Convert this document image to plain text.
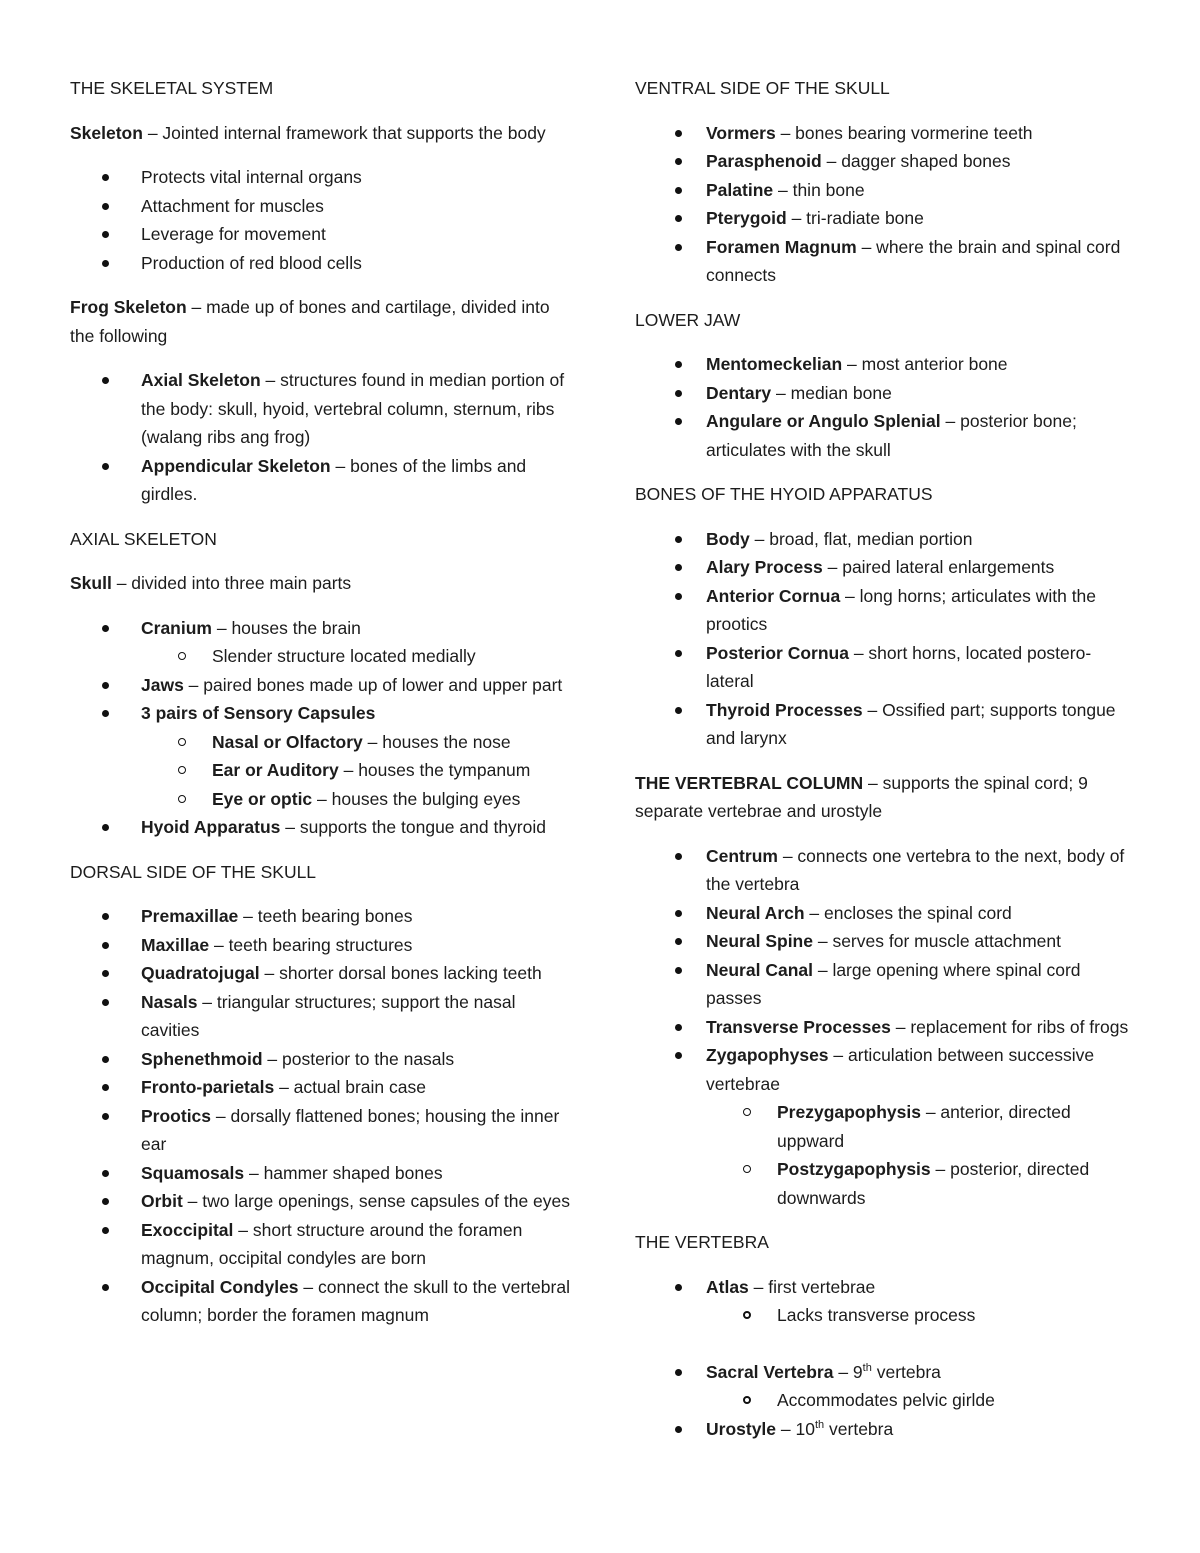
THE SKELETAL SYSTEM
Skeleton – Jointed internal framework that supports the body
Protects vital internal organs
Attachment for muscles
Leverage for movement
Production of red blood cells
Frog Skeleton – made up of bones and cartilage, divided into the following
Axial Skeleton – structures found in median portion of the body: skull, hyoid, vertebral column, sternum, ribs (walang ribs ang frog)
Appendicular Skeleton – bones of the limbs and girdles.
AXIAL SKELETON
Skull – divided into three main parts
Cranium – houses the brain
Slender structure located medially
Jaws – paired bones made up of lower and upper part
3 pairs of Sensory Capsules
Nasal or Olfactory – houses the nose
Ear or Auditory – houses the tympanum
Eye or optic – houses the bulging eyes
Hyoid Apparatus – supports the tongue and thyroid
DORSAL SIDE OF THE SKULL
Premaxillae – teeth bearing bones
Maxillae – teeth bearing structures
Quadratojugal – shorter dorsal bones lacking teeth
Nasals – triangular structures; support the nasal cavities
Sphenethmoid – posterior to the nasals
Fronto-parietals – actual brain case
Prootics – dorsally flattened bones; housing the inner ear
Squamosals – hammer shaped bones
Orbit – two large openings, sense capsules of the eyes
Exoccipital – short structure around the foramen magnum, occipital condyles are born
Occipital Condyles – connect the skull to the vertebral column; border the foramen magnum
VENTRAL SIDE OF THE SKULL
Vormers – bones bearing vormerine teeth
Parasphenoid – dagger shaped bones
Palatine – thin bone
Pterygoid – tri-radiate bone
Foramen Magnum – where the brain and spinal cord connects
LOWER JAW
Mentomeckelian – most anterior bone
Dentary – median bone
Angulare or Angulo Splenial – posterior bone; articulates with the skull
BONES OF THE HYOID APPARATUS
Body – broad, flat, median portion
Alary Process – paired lateral enlargements
Anterior Cornua – long horns; articulates with the prootics
Posterior Cornua – short horns, located postero-lateral
Thyroid Processes – Ossified part; supports tongue and larynx
THE VERTEBRAL COLUMN – supports the spinal cord; 9 separate vertebrae and urostyle
Centrum – connects one vertebra to the next, body of the vertebra
Neural Arch – encloses the spinal cord
Neural Spine – serves for muscle attachment
Neural Canal – large opening where spinal cord passes
Transverse Processes – replacement for ribs of frogs
Zygapophyses – articulation between successive vertebrae
Prezygapophysis – anterior, directed uppward
Postzygapophysis – posterior, directed downwards
THE VERTEBRA
Atlas – first vertebrae
Lacks transverse process
Sacral Vertebra – 9th vertebra
Accommodates pelvic girlde
Urostyle – 10th vertebra
